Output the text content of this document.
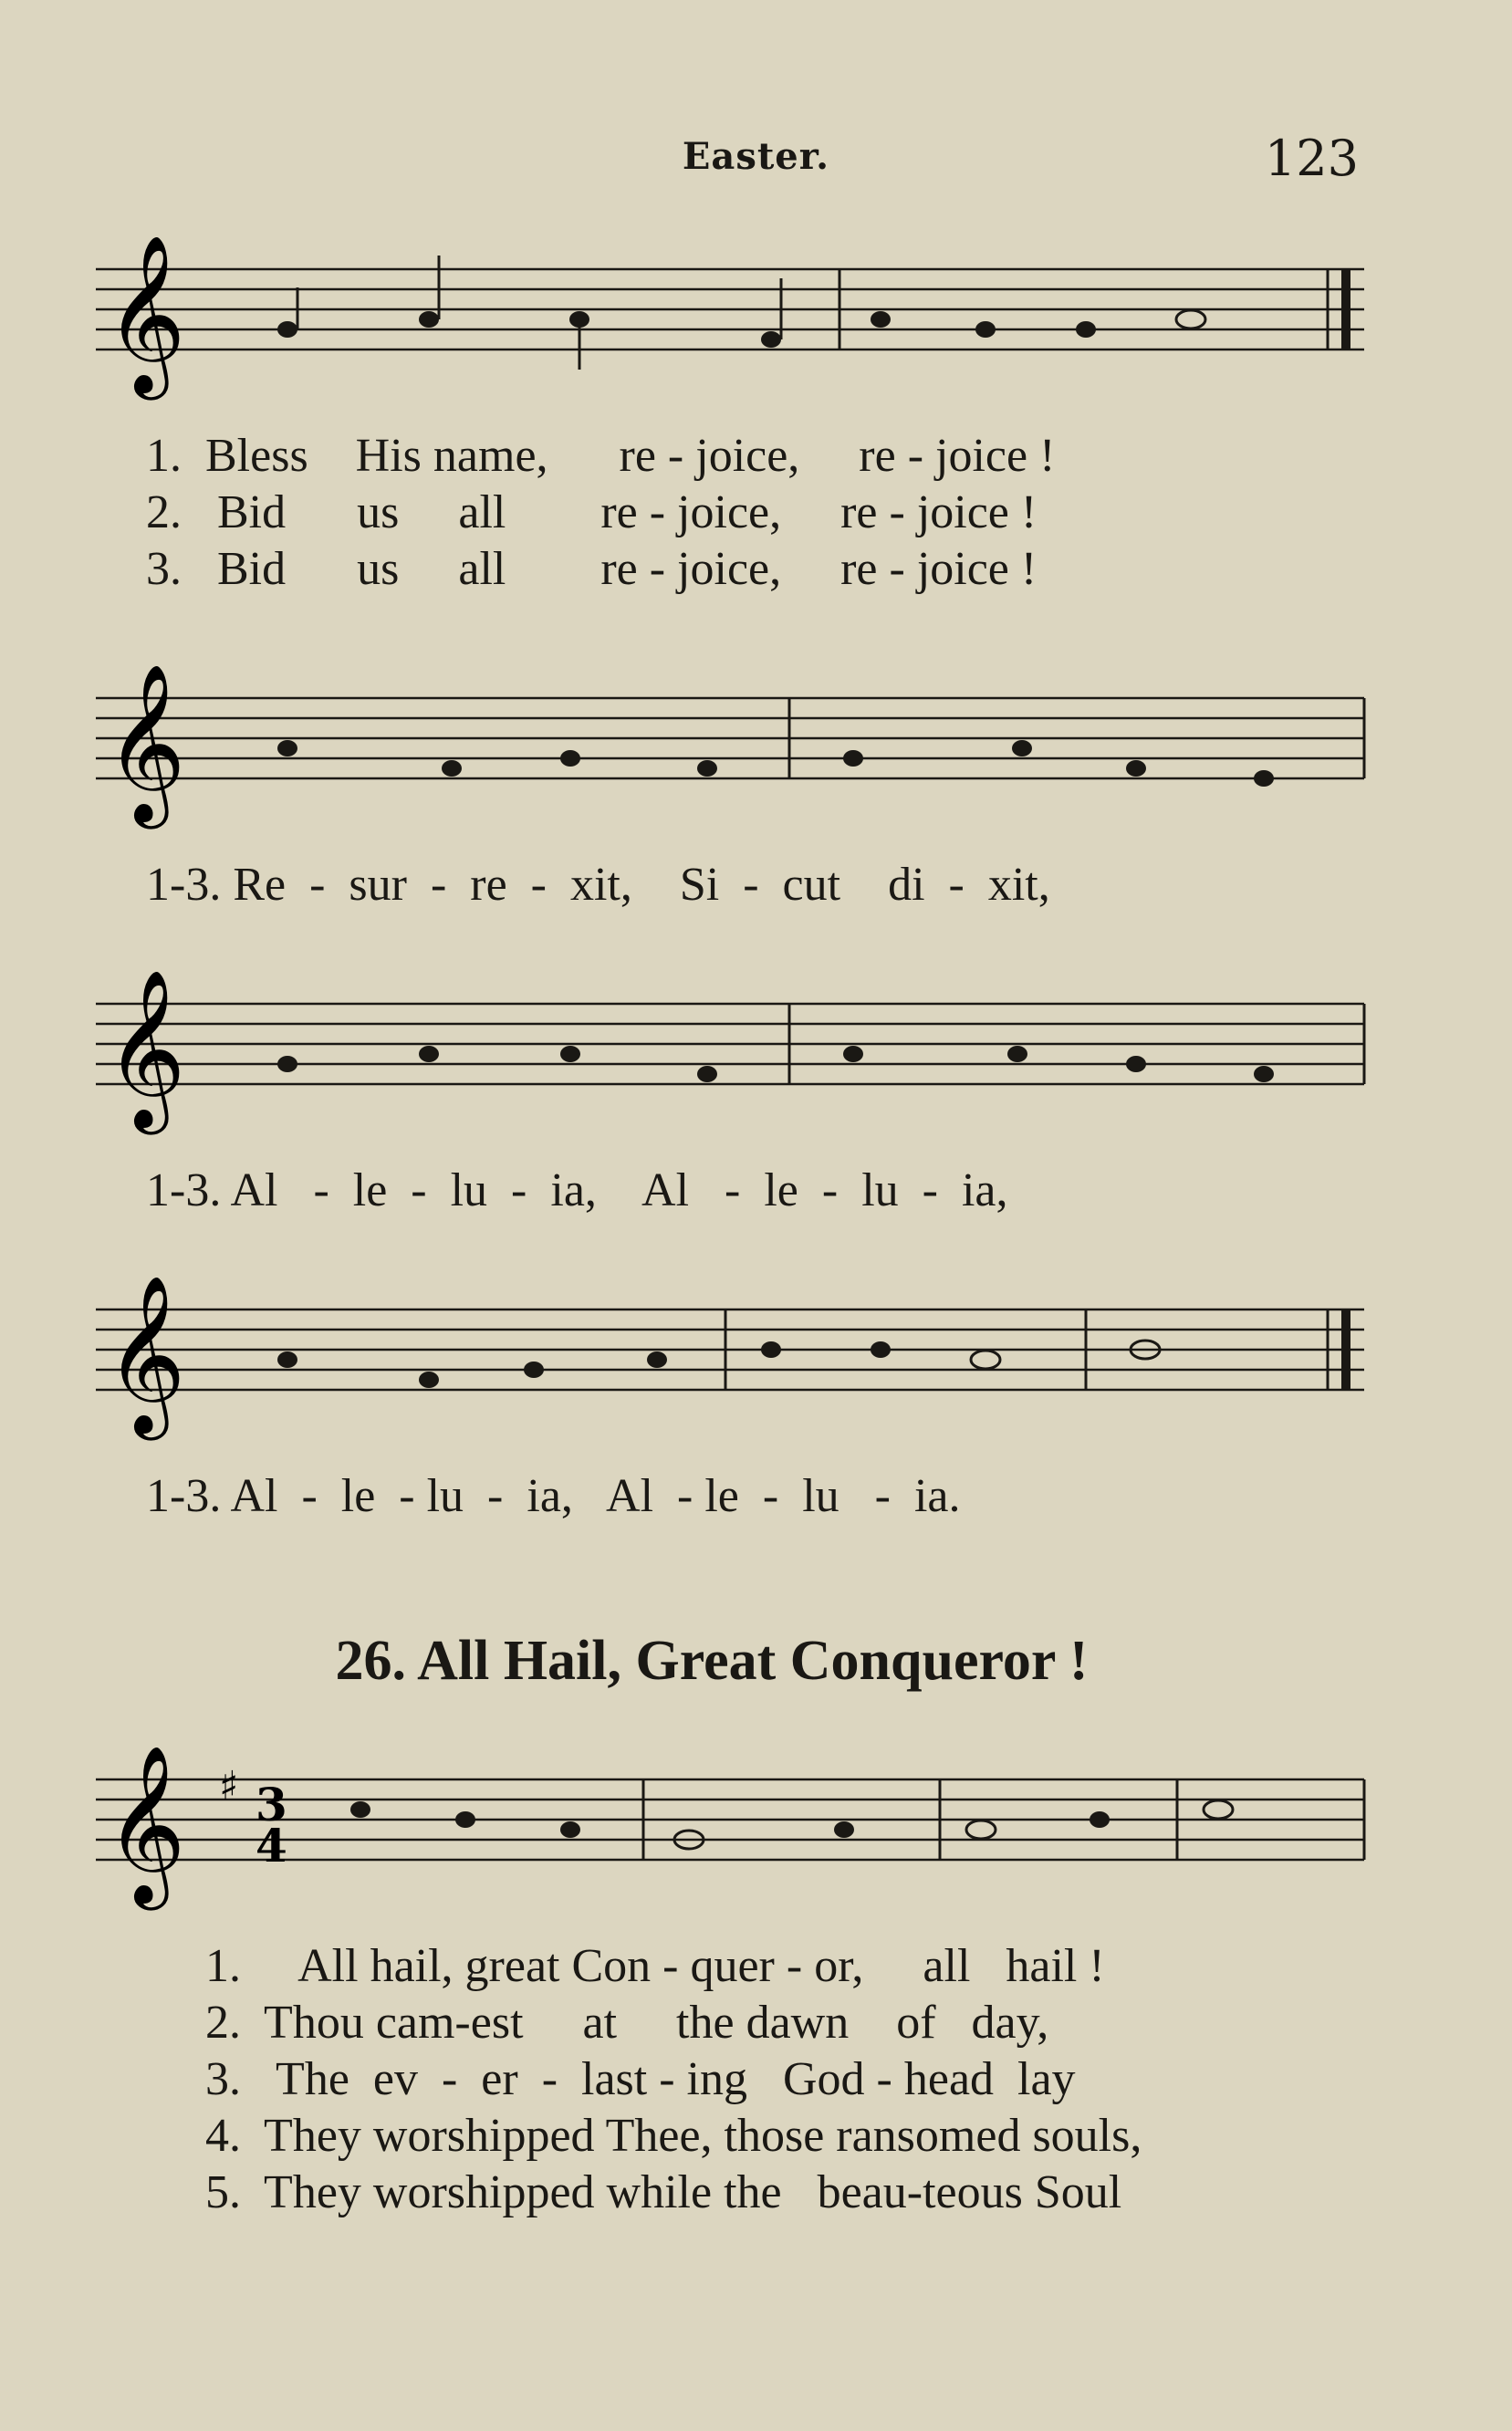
Easter.	123
𝄞
1.  Bless    His name,      re - joice,     re - joice !
2.   Bid      us     all        re - joice,     re - joice !
3.   Bid      us     all        re - joice,     re - joice !
𝄞
1-3. Re  -  sur  -  re  -  xit,    Si  -  cut    di  -  xit,
𝄞
1-3. Al   -  le  -  lu  -  ia,    Al   -  le  -  lu  -  ia,
𝄞
1-3. Al  -  le  - lu  -  ia,   Al  - le  -  lu   -  ia.
26. All Hail, Great Conqueror !
𝄞 ♯ 3
4
1.     All hail, great Con - quer - or,     all   hail !
2.  Thou cam-est     at     the dawn    of   day,
3.   The  ev  -  er  -  last - ing   God - head  lay
4.  They worshipped Thee, those ransomed souls,
5.  They worshipped while the   beau-teous Soul
